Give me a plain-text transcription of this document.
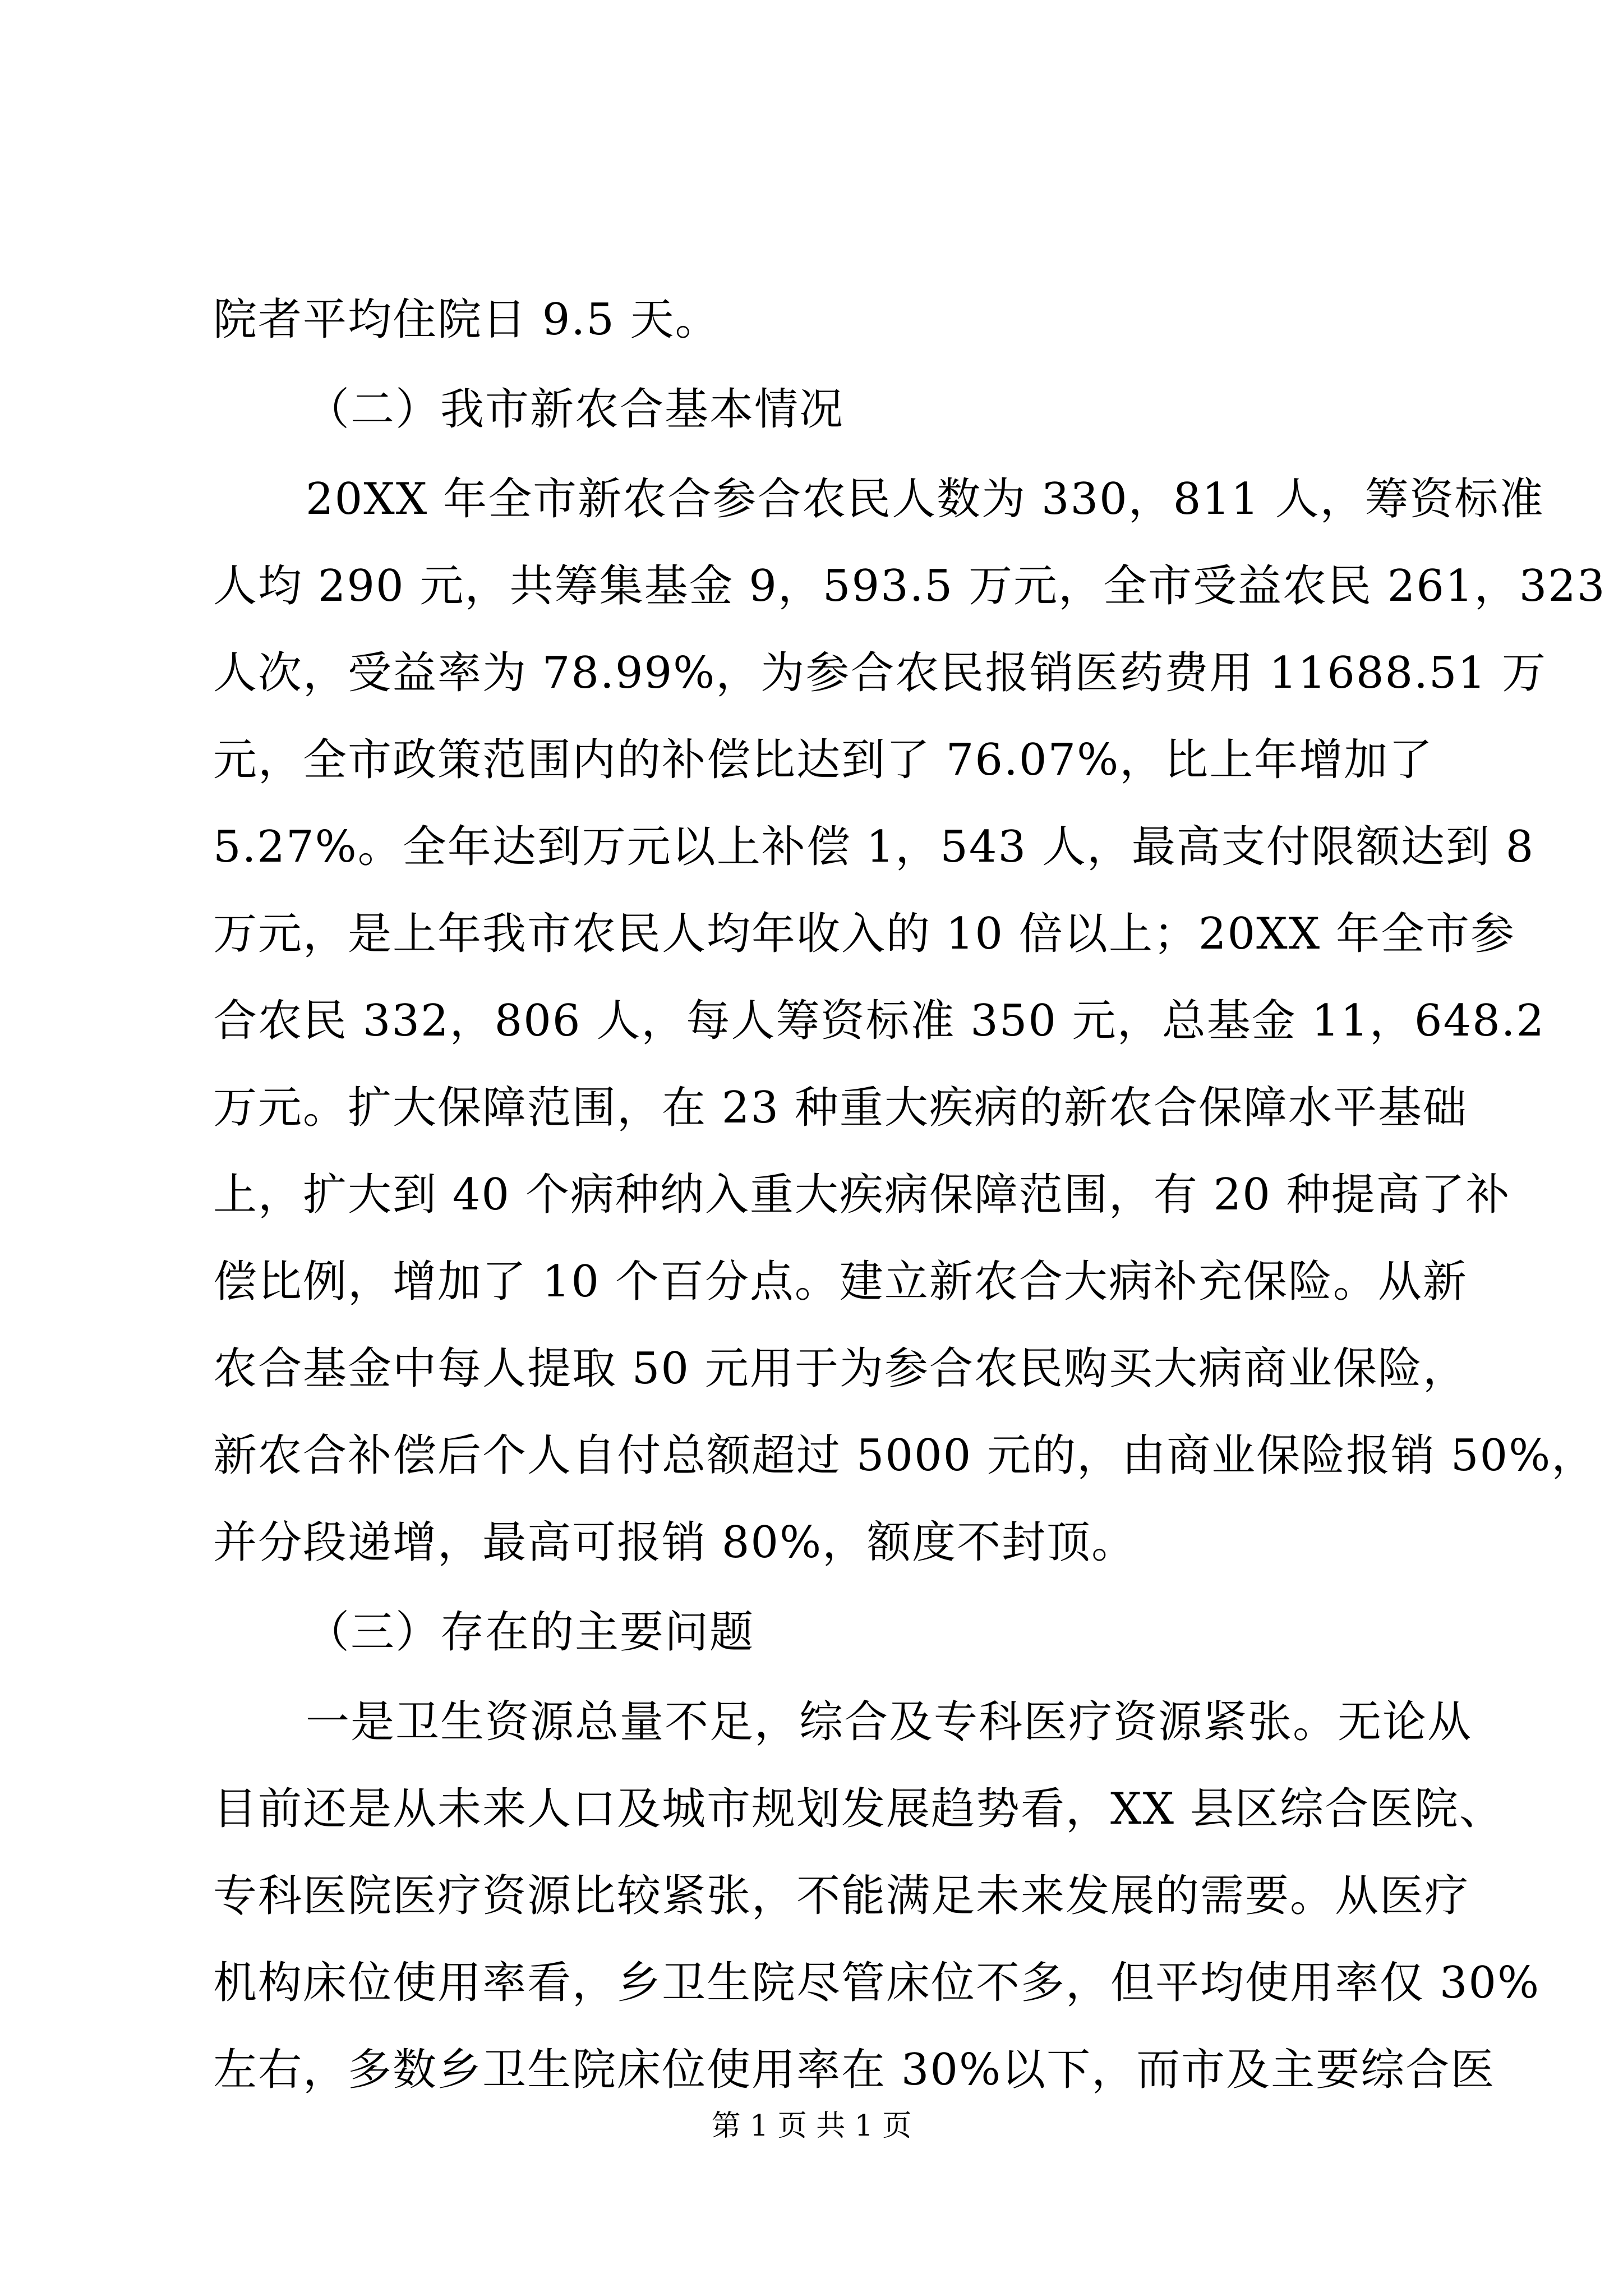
院者平均住院日 9.5 天。
（二）我市新农合基本情况
20XX 年全市新农合参合农民人数为 330，811 人，筹资标准
人均 290 元，共筹集基金 9，593.5 万元，全市受益农民 261，323
人次，受益率为 78.99%，为参合农民报销医药费用 11688.51 万
元，全市政策范围内的补偿比达到了 76.07%，比上年增加了
5.27%。全年达到万元以上补偿 1，543 人，最高支付限额达到 8
万元，是上年我市农民人均年收入的 10 倍以上；20XX 年全市参
合农民 332，806 人，每人筹资标准 350 元，总基金 11，648.2
万元。扩大保障范围，在 23 种重大疾病的新农合保障水平基础
上，扩大到 40 个病种纳入重大疾病保障范围，有 20 种提高了补
偿比例，增加了 10 个百分点。建立新农合大病补充保险。从新
农合基金中每人提取 50 元用于为参合农民购买大病商业保险，
新农合补偿后个人自付总额超过 5000 元的，由商业保险报销 50%，
并分段递增，最高可报销 80%，额度不封顶。
（三）存在的主要问题
一是卫生资源总量不足，综合及专科医疗资源紧张。无论从
目前还是从未来人口及城市规划发展趋势看，XX 县区综合医院、
专科医院医疗资源比较紧张，不能满足未来发展的需要。从医疗
机构床位使用率看，乡卫生院尽管床位不多，但平均使用率仅 30%
左右，多数乡卫生院床位使用率在 30%以下，而市及主要综合医
第 1 页 共 1 页
